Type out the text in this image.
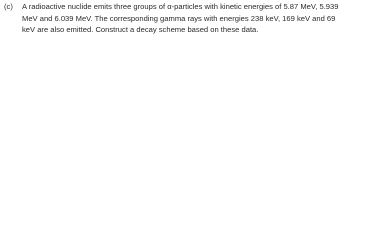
(c)	A radioactive nuclide emits three groups of α-particles with kinetic energies of 5.87 MeV, 5.939
MeV and 6.039 MeV. The corresponding gamma rays with energies 238 keV, 169 keV and 69
keV are also emitted. Construct a decay scheme based on these data.
